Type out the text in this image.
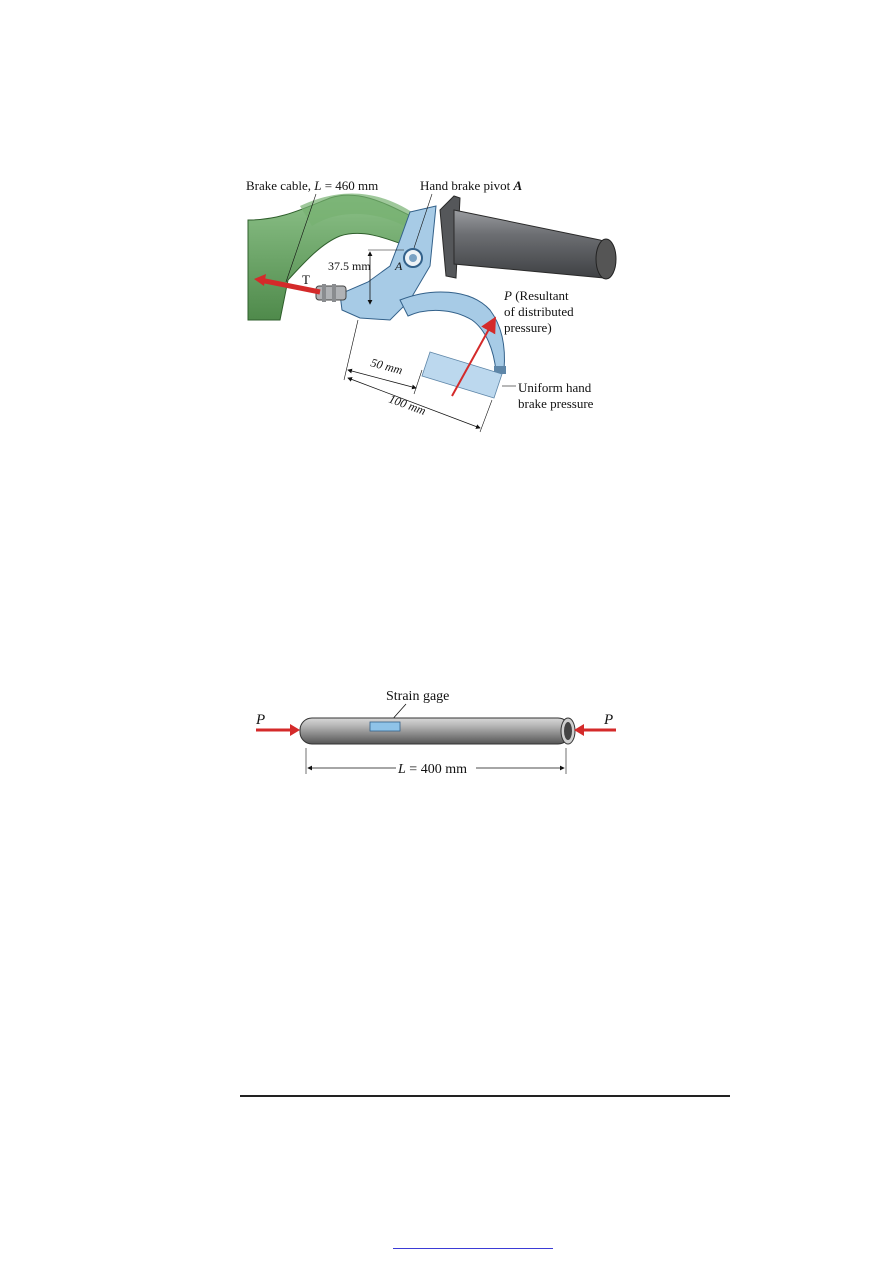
Brake cable, L = 460 mm	Hand brake pivot A
37.5 mm A
T
P (Resultant
of distributed
pressure)
50 mm
100 mm
Uniform hand
brake pressure
Strain gage
P	P
L = 400 mm
